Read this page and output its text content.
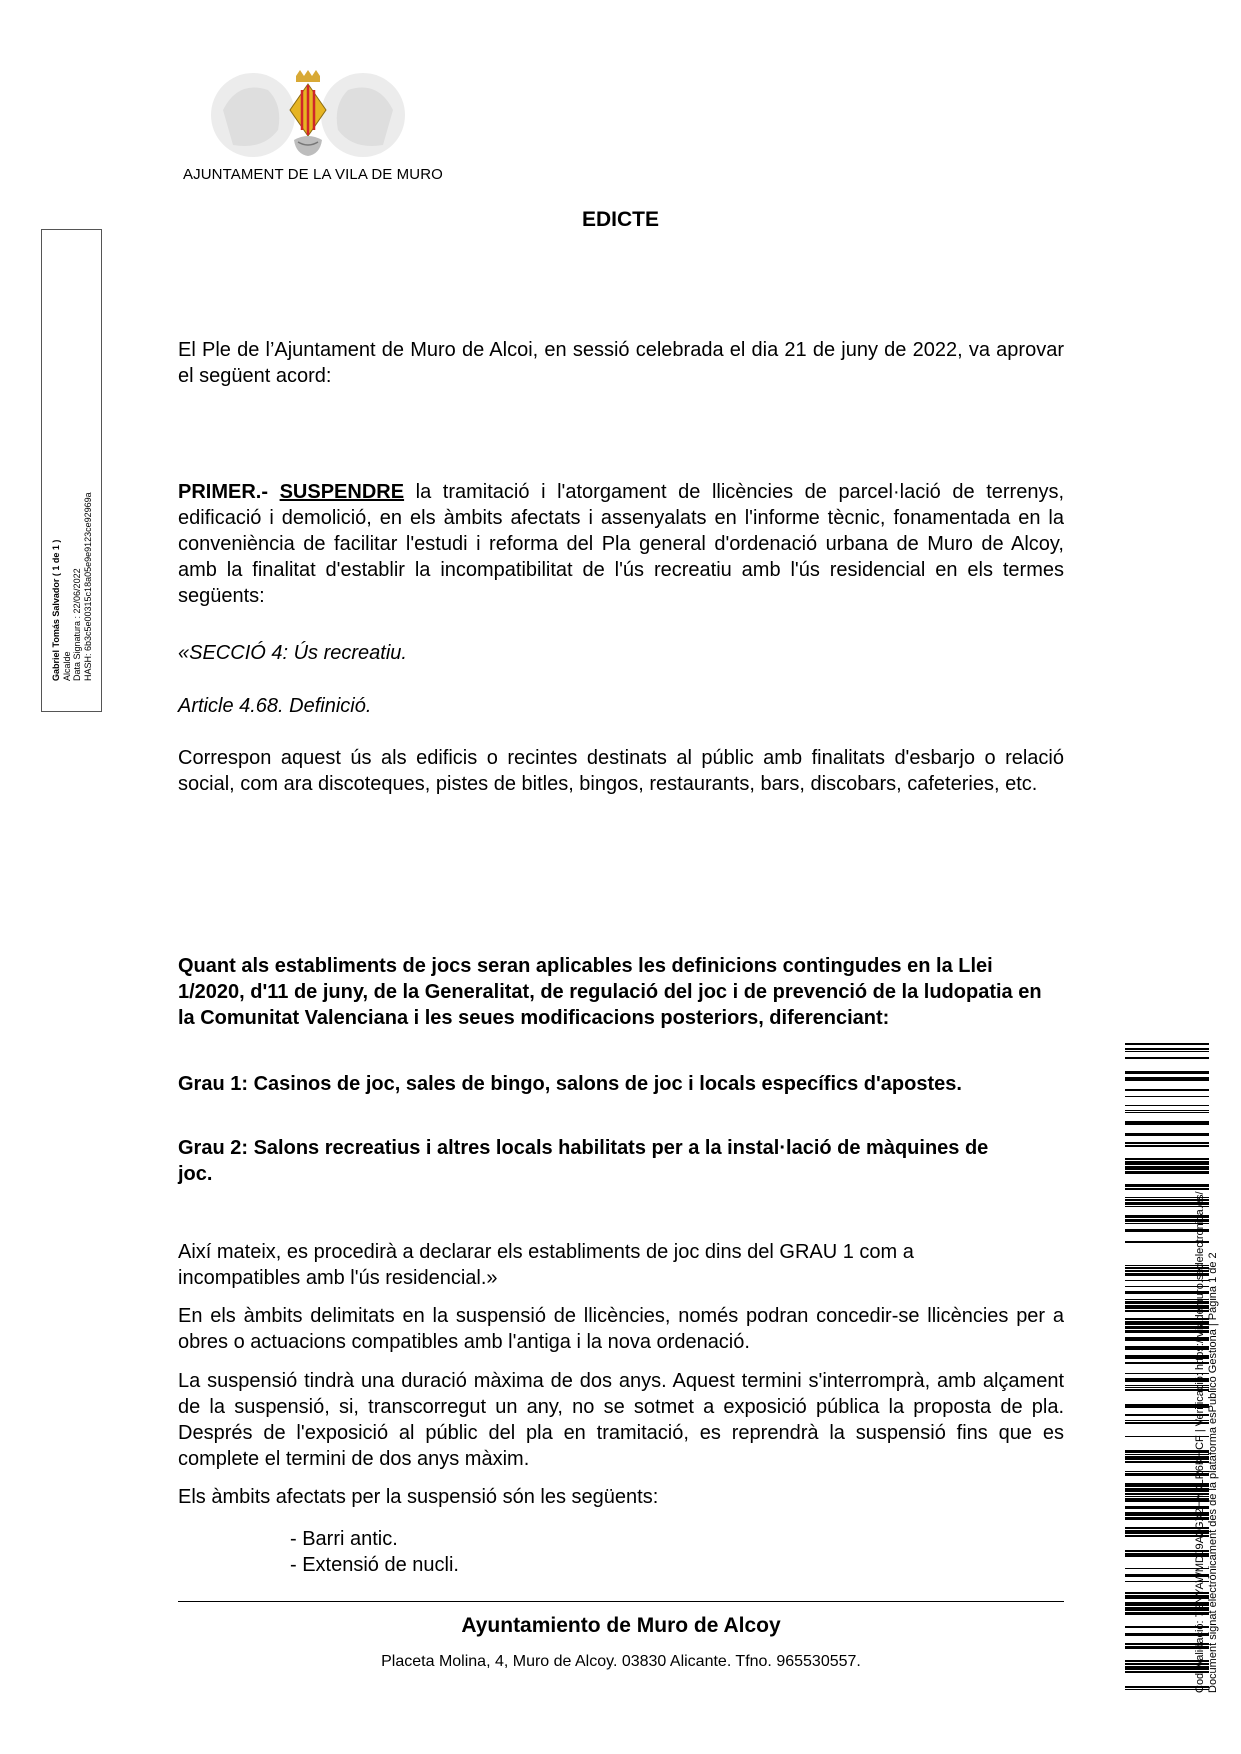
AJUNTAMENT DE LA VILA DE MURO
EDICTE
Gabriel Tomás Salvador ( 1 de 1 ) Alcalde Data Signatura : 22/06/2022 HASH: 6b3c5e00315c18a05e9e9123ce92969a
El Ple de l’Ajuntament de Muro de Alcoi, en sessió celebrada el dia 21 de juny de 2022, va aprovar el següent acord:
PRIMER.- SUSPENDRE la tramitació i l'atorgament de llicències de parcel·lació de terrenys, edificació i demolició, en els àmbits afectats i assenyalats en l'informe tècnic, fonamentada en la conveniència de facilitar l'estudi i reforma del Pla general d'ordenació urbana de Muro de Alcoy, amb la finalitat d'establir la incompatibilitat de l'ús recreatiu amb l'ús residencial en els termes següents:
«SECCIÓ 4: Ús recreatiu.
Article 4.68. Definició.
Correspon aquest ús als edificis o recintes destinats al públic amb finalitats d'esbarjo o relació social, com ara discoteques, pistes de bitles, bingos, restaurants, bars, discobars, cafeteries, etc.
Quant als establiments de jocs seran aplicables les definicions contingudes en la Llei 1/2020, d'11 de juny, de la Generalitat, de regulació del joc i de prevenció de la ludopatia en la Comunitat Valenciana i les seues modificacions posteriors, diferenciant:
Grau 1: Casinos de joc, sales de bingo, salons de joc i locals específics d'apostes.
Grau 2: Salons recreatius i altres locals habilitats per a la instal·lació de màquines de joc.
Així mateix, es procedirà a declarar els establiments de joc dins del GRAU 1 com a incompatibles amb l'ús residencial.»
En els àmbits delimitats en la suspensió de llicències, només podran concedir-se llicències per a obres o actuacions compatibles amb l'antiga i la nova ordenació.
La suspensió tindrà una duració màxima de dos anys. Aquest termini s'interromprà, amb alçament de la suspensió, si, transcorregut un any, no se sotmet a exposició pública la proposta de pla. Després de l'exposició al públic del pla en tramitació, es reprendrà la suspensió fins que es complete el termini de dos anys màxim.
Els àmbits afectats per la suspensió són les següents:
- Barri antic.
- Extensió de nucli.
Ayuntamiento de Muro de Alcoy
Placeta Molina, 4, Muro de Alcoy. 03830 Alicante. Tfno. 965530557.	Codi Validació: 7SNYAWMDJ9A2GX2HYKLR6KHCF | Verificació: https://vilademuro.sedelectronica.es/ Document signat electrònicament des de la plataforma esPublico Gestiona | Pàgina 1 de 2
